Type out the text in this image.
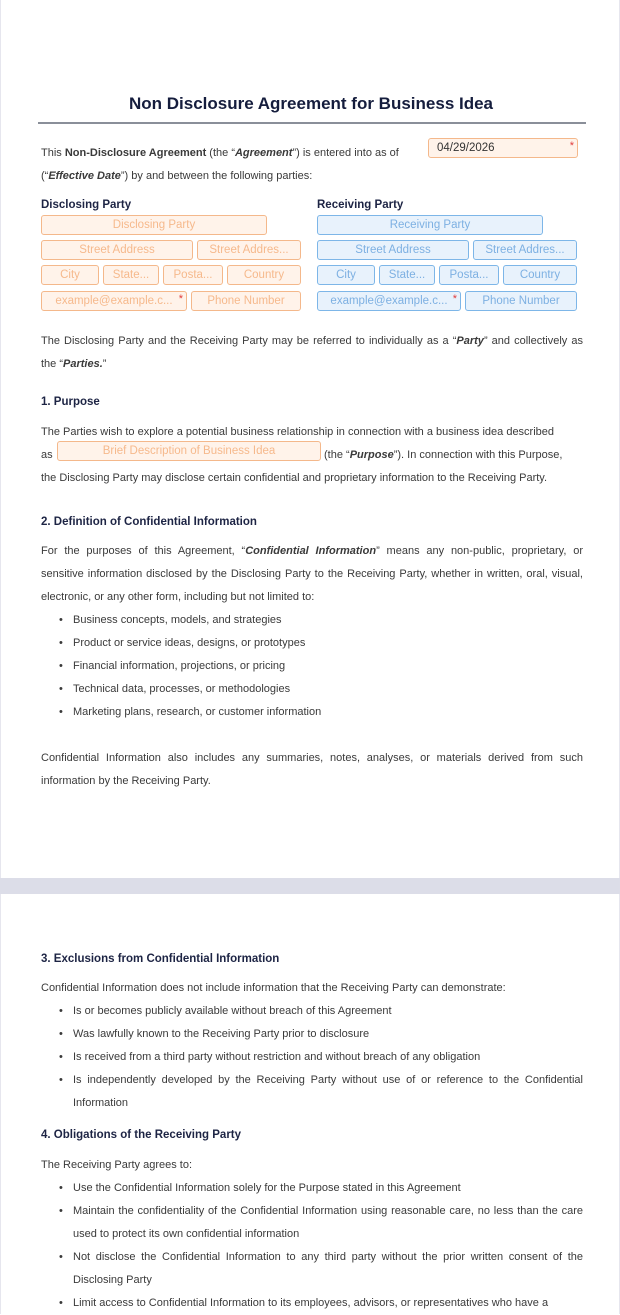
Non Disclosure Agreement for Business Idea
This Non-Disclosure Agreement (the “Agreement”) is entered into as of	04/29/2026	*
(“Effective Date”) by and between the following parties:
Disclosing Party
Disclosing Party
Street Address	Street Addres...
City	State...	Posta...	Country
example@example.c... *	Phone Number
Receiving Party
Receiving Party
Street Address	Street Addres...
City	State...	Posta...	Country
example@example.c... *	Phone Number
The Disclosing Party and the Receiving Party may be referred to individually as a “Party” and collectively as the “Parties.”
1. Purpose
The Parties wish to explore a potential business relationship in connection with a business idea described
as	Brief Description of Business Idea	(the “Purpose”). In connection with this Purpose,
the Disclosing Party may disclose certain confidential and proprietary information to the Receiving Party.
2. Definition of Confidential Information
For the purposes of this Agreement, “Confidential Information” means any non-public, proprietary, or sensitive information disclosed by the Disclosing Party to the Receiving Party, whether in written, oral, visual, electronic, or any other form, including but not limited to:
• Business concepts, models, and strategies
• Product or service ideas, designs, or prototypes
• Financial information, projections, or pricing
• Technical data, processes, or methodologies
• Marketing plans, research, or customer information
Confidential Information also includes any summaries, notes, analyses, or materials derived from such information by the Receiving Party.
3. Exclusions from Confidential Information
Confidential Information does not include information that the Receiving Party can demonstrate:
• Is or becomes publicly available without breach of this Agreement
• Was lawfully known to the Receiving Party prior to disclosure
• Is received from a third party without restriction and without breach of any obligation
• Is independently developed by the Receiving Party without use of or reference to the Confidential Information
4. Obligations of the Receiving Party
The Receiving Party agrees to:
• Use the Confidential Information solely for the Purpose stated in this Agreement
• Maintain the confidentiality of the Confidential Information using reasonable care, no less than the care used to protect its own confidential information
• Not disclose the Confidential Information to any third party without the prior written consent of the Disclosing Party
• Limit access to Confidential Information to its employees, advisors, or representatives who have a
